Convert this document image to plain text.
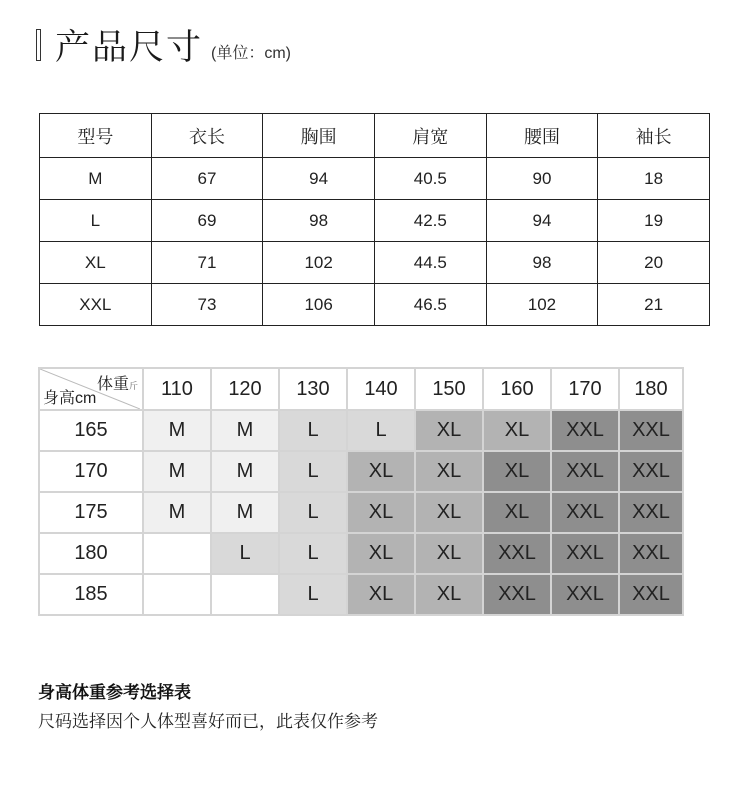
产品尺寸 (单位：cm)
型号	衣长	胸围	肩宽	腰围	袖长
M	67	94	40.5	90	18
L	69	98	42.5	94	19
XL	71	102	44.5	98	20
XXL	73	106	46.5	102	21
体重斤
身高cm	110	120	130	140	150	160	170	180
165	M	M	L	L	XL	XL	XXL	XXL
170	M	M	L	XL	XL	XL	XXL	XXL
175	M	M	L	XL	XL	XL	XXL	XXL
180		L	L	XL	XL	XXL	XXL	XXL
185			L	XL	XL	XXL	XXL	XXL
身高体重参考选择表
尺码选择因个人体型喜好而已，此表仅作参考
